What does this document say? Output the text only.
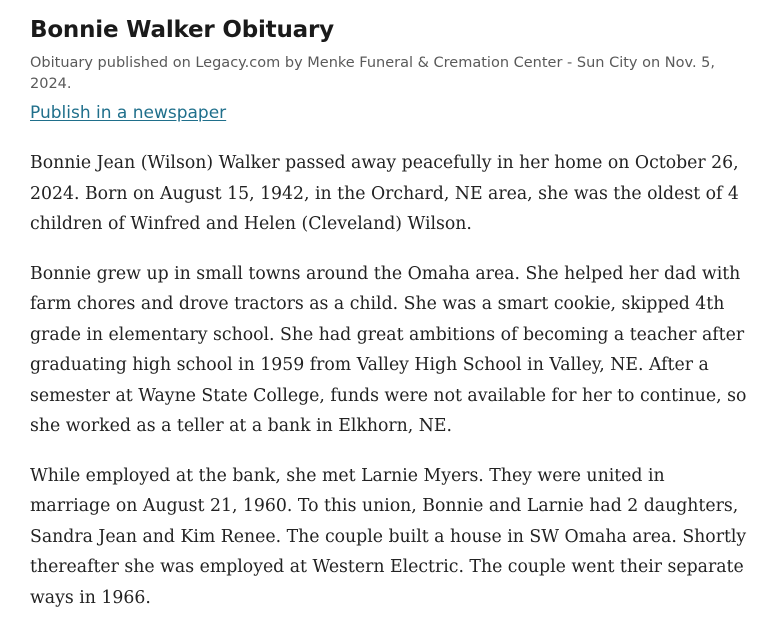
Bonnie Walker Obituary

Obituary published on Legacy.com by Menke Funeral & Cremation Center - Sun City on Nov. 5, 2024.

Publish in a newspaper

Bonnie Jean (Wilson) Walker passed away peacefully in her home on October 26, 2024. Born on August 15, 1942, in the Orchard, NE area, she was the oldest of 4 children of Winfred and Helen (Cleveland) Wilson.

Bonnie grew up in small towns around the Omaha area. She helped her dad with farm chores and drove tractors as a child. She was a smart cookie, skipped 4th grade in elementary school. She had great ambitions of becoming a teacher after graduating high school in 1959 from Valley High School in Valley, NE. After a semester at Wayne State College, funds were not available for her to continue, so she worked as a teller at a bank in Elkhorn, NE.

While employed at the bank, she met Larnie Myers. They were united in marriage on August 21, 1960. To this union, Bonnie and Larnie had 2 daughters, Sandra Jean and Kim Renee. The couple built a house in SW Omaha area. Shortly thereafter she was employed at Western Electric. The couple went their separate ways in 1966.
